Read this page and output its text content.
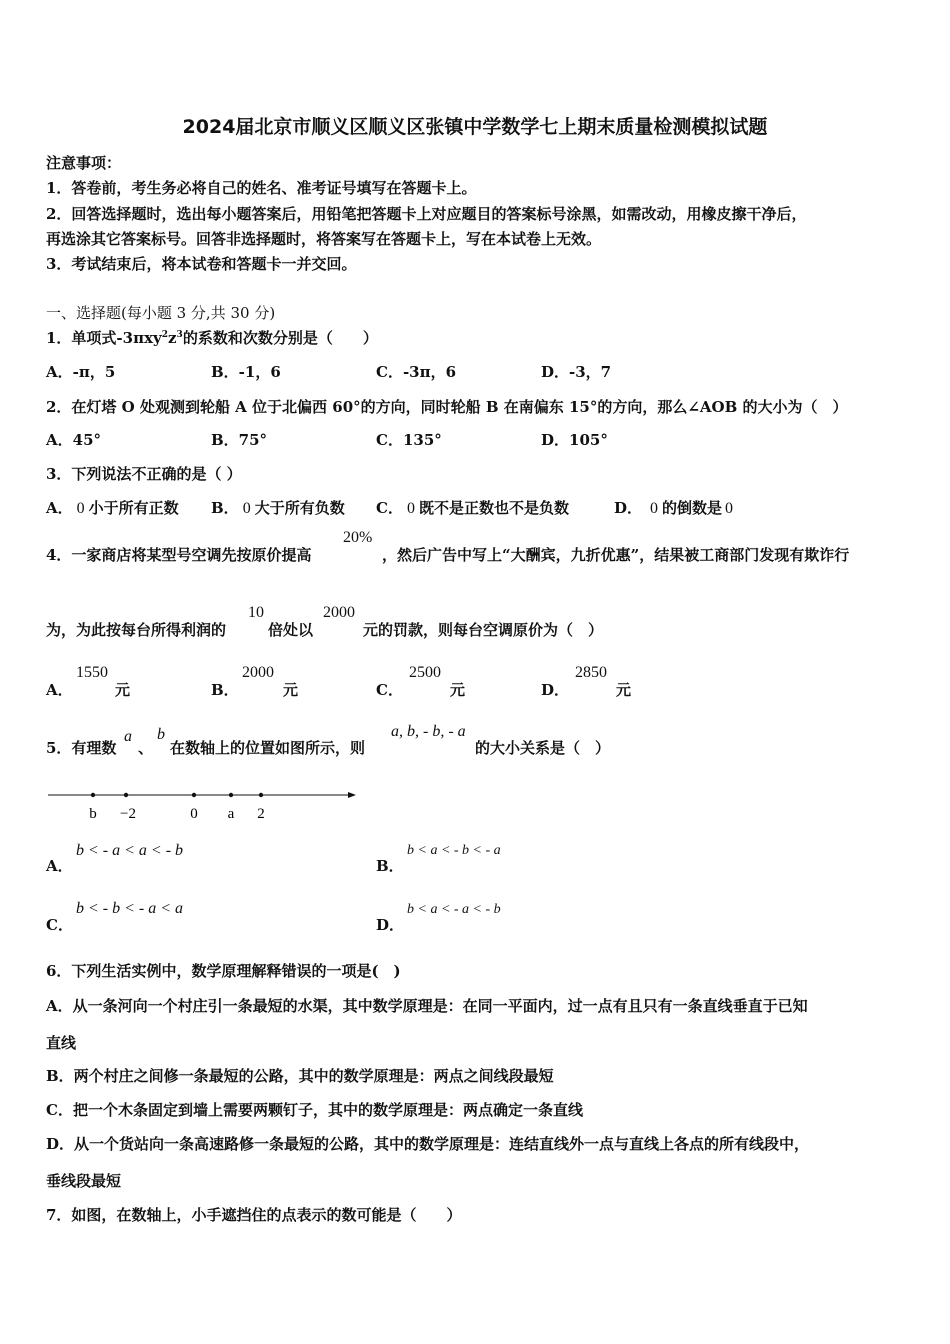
2024届北京市顺义区顺义区张镇中学数学七上期末质量检测模拟试题
注意事项：
1．答卷前，考生务必将自己的姓名、准考证号填写在答题卡上。
2．回答选择题时，选出每小题答案后，用铅笔把答题卡上对应题目的答案标号涂黑，如需改动，用橡皮擦干净后，
再选涂其它答案标号。回答非选择题时，将答案写在答题卡上，写在本试卷上无效。
3．考试结束后，将本试卷和答题卡一并交回。
一、选择题(每小题 3 分,共 30 分)
1．单项式$-3\pi xy^2z^3$的系数和次数分别是（　　）
A．-π，5	B．-1，6	C．-3π，6	D．-3，7
2．在灯塔 O 处观测到轮船 A 位于北偏西 60°的方向，同时轮船 B 在南偏东 15°的方向，那么∠AOB 的大小为（　）
A．45°	B．75°	C．135°	D．105°
3．下列说法不正确的是（ ）
A． 0 小于所有正数 B． 0 大于所有负数 C． 0 既不是正数也不是负数	D． 0 的倒数是 0
4．一家商店将某型号空调先按原价提高
20%
，然后广告中写上“大酬宾，九折优惠”，结果被工商部门发现有欺诈行
为，为此按每台所得利润的
10
倍处以
2000
元的罚款，则每台空调原价为（　）
A．
1550
元	B．
2000
元	C．
2500
元	D．
2850
元
5．有理数
a
、
b
在数轴上的位置如图所示，则
a, b, - b, - a
的大小关系是（　）
b −2	0 a 2
A．
b < - a < a < - b
B．
b < a < - b < - a
C．
b < - b < - a < a
D．
b < a < - a < - b
6．下列生活实例中，数学原理解释错误的一项是(　)
A．从一条河向一个村庄引一条最短的水渠，其中数学原理是：在同一平面内，过一点有且只有一条直线垂直于已知
直线
B．两个村庄之间修一条最短的公路，其中的数学原理是：两点之间线段最短
C．把一个木条固定到墙上需要两颗钉子，其中的数学原理是：两点确定一条直线
D．从一个货站向一条高速路修一条最短的公路，其中的数学原理是：连结直线外一点与直线上各点的所有线段中，
垂线段最短
7．如图，在数轴上，小手遮挡住的点表示的数可能是（　　）
